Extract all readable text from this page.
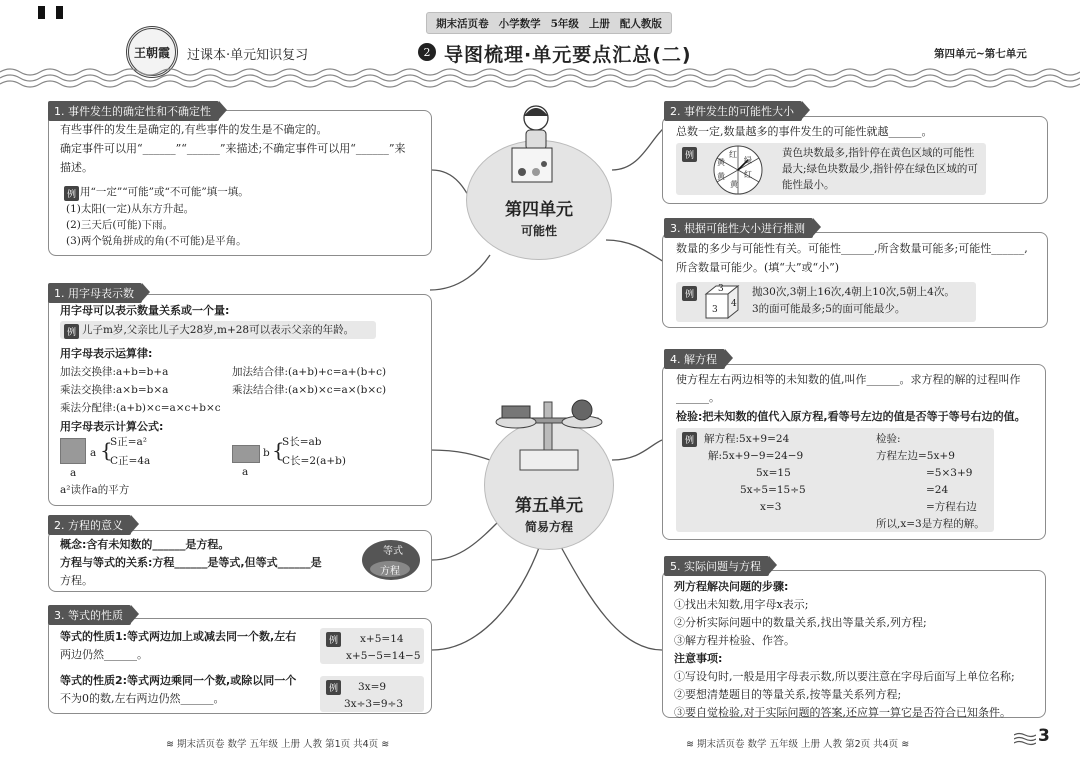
期末活页卷 小学数学 5年级 上册 配人教版
王朝霞 过课本·单元知识复习	2 导图梳理·单元要点汇总(二)	第四单元~第七单元
1. 事件发生的确定性和不确定性
有些事件的发生是确定的,有些事件的发生是不确定的。
确定事件可以用“______”“______”来描述;不确定事件可以用“______”来
描述。
例 用“一定”“可能”或“不可能”填一填。
(1)太阳(一定)从东方升起。
(2)三天后(可能)下雨。
(3)两个锐角拼成的角(不可能)是平角。
1. 用字母表示数
用字母可以表示数量关系或一个量:
例 儿子m岁,父亲比儿子大28岁,m+28可以表示父亲的年龄。
用字母表示运算律:
加法交换律:a+b=b+a	加法结合律:(a+b)+c=a+(b+c)
乘法交换律:a×b=b×a	乘法结合律:(a×b)×c=a×(b×c)
乘法分配律:(a+b)×c=a×c+b×c
用字母表示计算公式:
a
a {
S正=a²
C正=4a
a
b {
S长=ab
C长=2(a+b)
a²读作a的平方
2. 方程的意义
概念:含有未知数的______是方程。
方程与等式的关系:方程______是等式,但等式______是
方程。
等式
方程
3. 等式的性质
等式的性质1:等式两边加上或减去同一个数,左右
两边仍然______。
等式的性质2:等式两边乘同一个数,或除以同一个
不为0的数,左右两边仍然______。
例 x+5=14
x+5−5=14−5
例 3x=9
3x÷3=9÷3
第四单元
可能性
第五单元
简易方程
2. 事件发生的可能性大小
总数一定,数量越多的事件发生的可能性就越______。
例	红
绿
红
黄
黄
黄
黄色块数最多,指针停在黄色区域的可能性
最大;绿色块数最少,指针停在绿色区域的可
能性最小。
3. 根据可能性大小进行推测
数量的多少与可能性有关。可能性______,所含数量可能多;可能性______,
所含数量可能少。(填“大”或“小”)
例
3
3
4
抛30次,3朝上16次,4朝上10次,5朝上4次。
3的面可能最多;5的面可能最少。
4. 解方程
使方程左右两边相等的未知数的值,叫作______。求方程的解的过程叫作
______。
检验:把未知数的值代入原方程,看等号左边的值是否等于等号右边的值。
例 解方程:5x+9=24
解:5x+9−9=24−9
5x=15
5x÷5=15÷5
x=3
检验:
方程左边=5x+9
=5×3+9
=24
=方程右边
所以,x=3是方程的解。
5. 实际问题与方程
列方程解决问题的步骤:
①找出未知数,用字母x表示;
②分析实际问题中的数量关系,找出等量关系,列方程;
③解方程并检验、作答。
注意事项:
①写设句时,一般是用字母表示数,所以要注意在字母后面写上单位名称;
②要想清楚题目的等量关系,按等量关系列方程;
③要自觉检验,对于实际问题的答案,还应算一算它是否符合已知条件。
≋ 期末活页卷 数学 五年级 上册 人教 第1页 共4页 ≋	≋ 期末活页卷 数学 五年级 上册 人教 第2页 共4页 ≋	3
